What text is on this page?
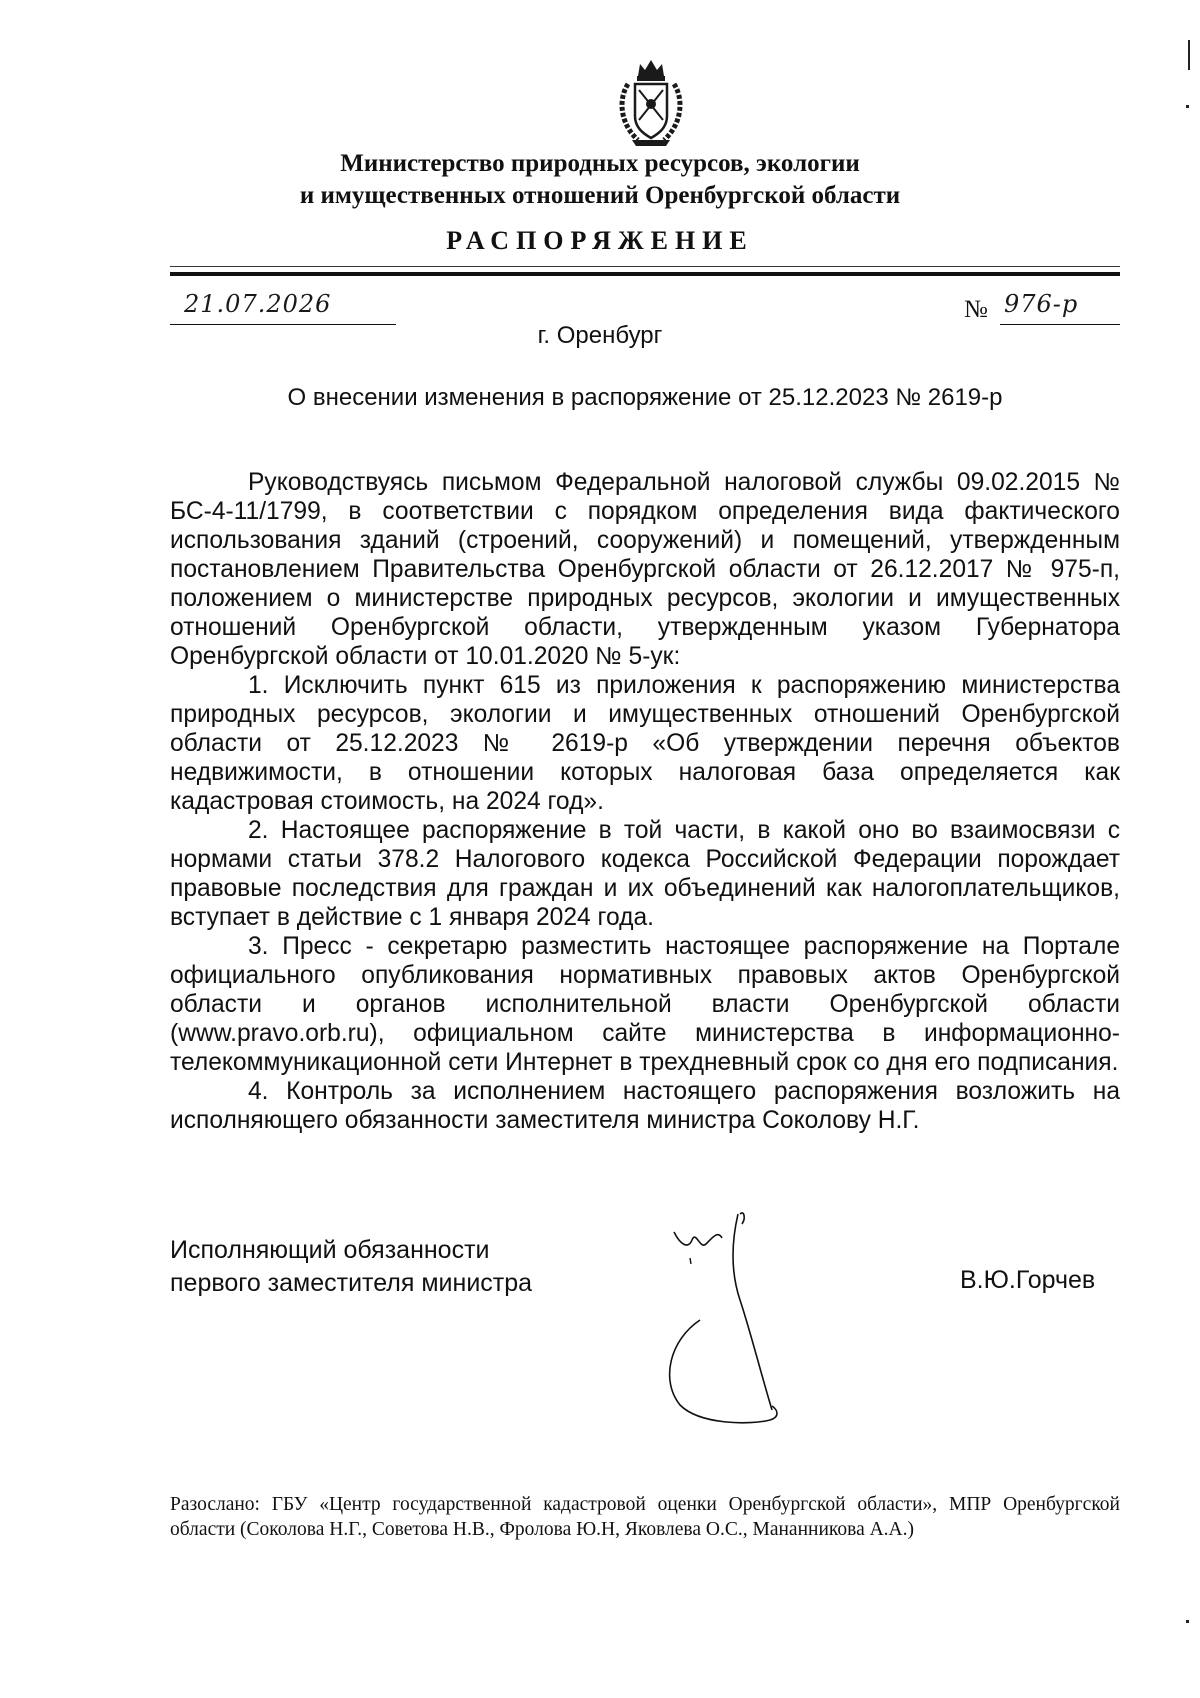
Министерство природных ресурсов, экологии
и имущественных отношений Оренбургской области
РАСПОРЯЖЕНИЕ
21.07.2026	№ 976-р
г. Оренбург
О внесении изменения в распоряжение от 25.12.2023 № 2619-р

Руководствуясь письмом Федеральной налоговой службы 09.02.2015 № БС-4-11/1799, в соответствии с порядком определения вида фактического использования зданий (строений, сооружений) и помещений, утвержденным постановлением Правительства Оренбургской области от 26.12.2017 № 975-п, положением о министерстве природных ресурсов, экологии и имущественных отношений Оренбургской области, утвержденным указом Губернатора Оренбургской области от 10.01.2020 № 5-ук:

1. Исключить пункт 615 из приложения к распоряжению министерства природных ресурсов, экологии и имущественных отношений Оренбургской области от 25.12.2023 № 2619-р «Об утверждении перечня объектов недвижимости, в отношении которых налоговая база определяется как кадастровая стоимость, на 2024 год».

2. Настоящее распоряжение в той части, в какой оно во взаимосвязи с нормами статьи 378.2 Налогового кодекса Российской Федерации порождает правовые последствия для граждан и их объединений как налогоплательщиков, вступает в действие с 1 января 2024 года.

3. Пресс - секретарю разместить настоящее распоряжение на Портале официального опубликования нормативных правовых актов Оренбургской области и органов исполнительной власти Оренбургской области (www.pravo.orb.ru), официальном сайте министерства в информационно-телекоммуникационной сети Интернет в трехдневный срок со дня его подписания.

4. Контроль за исполнением настоящего распоряжения возложить на исполняющего обязанности заместителя министра Соколову Н.Г.

Исполняющий обязанности
первого заместителя министра	В.Ю.Горчев
Разослано: ГБУ «Центр государственной кадастровой оценки Оренбургской области», МПР Оренбургской области (Соколова Н.Г., Советова Н.В., Фролова Ю.Н, Яковлева О.С., Мананникова А.А.)
